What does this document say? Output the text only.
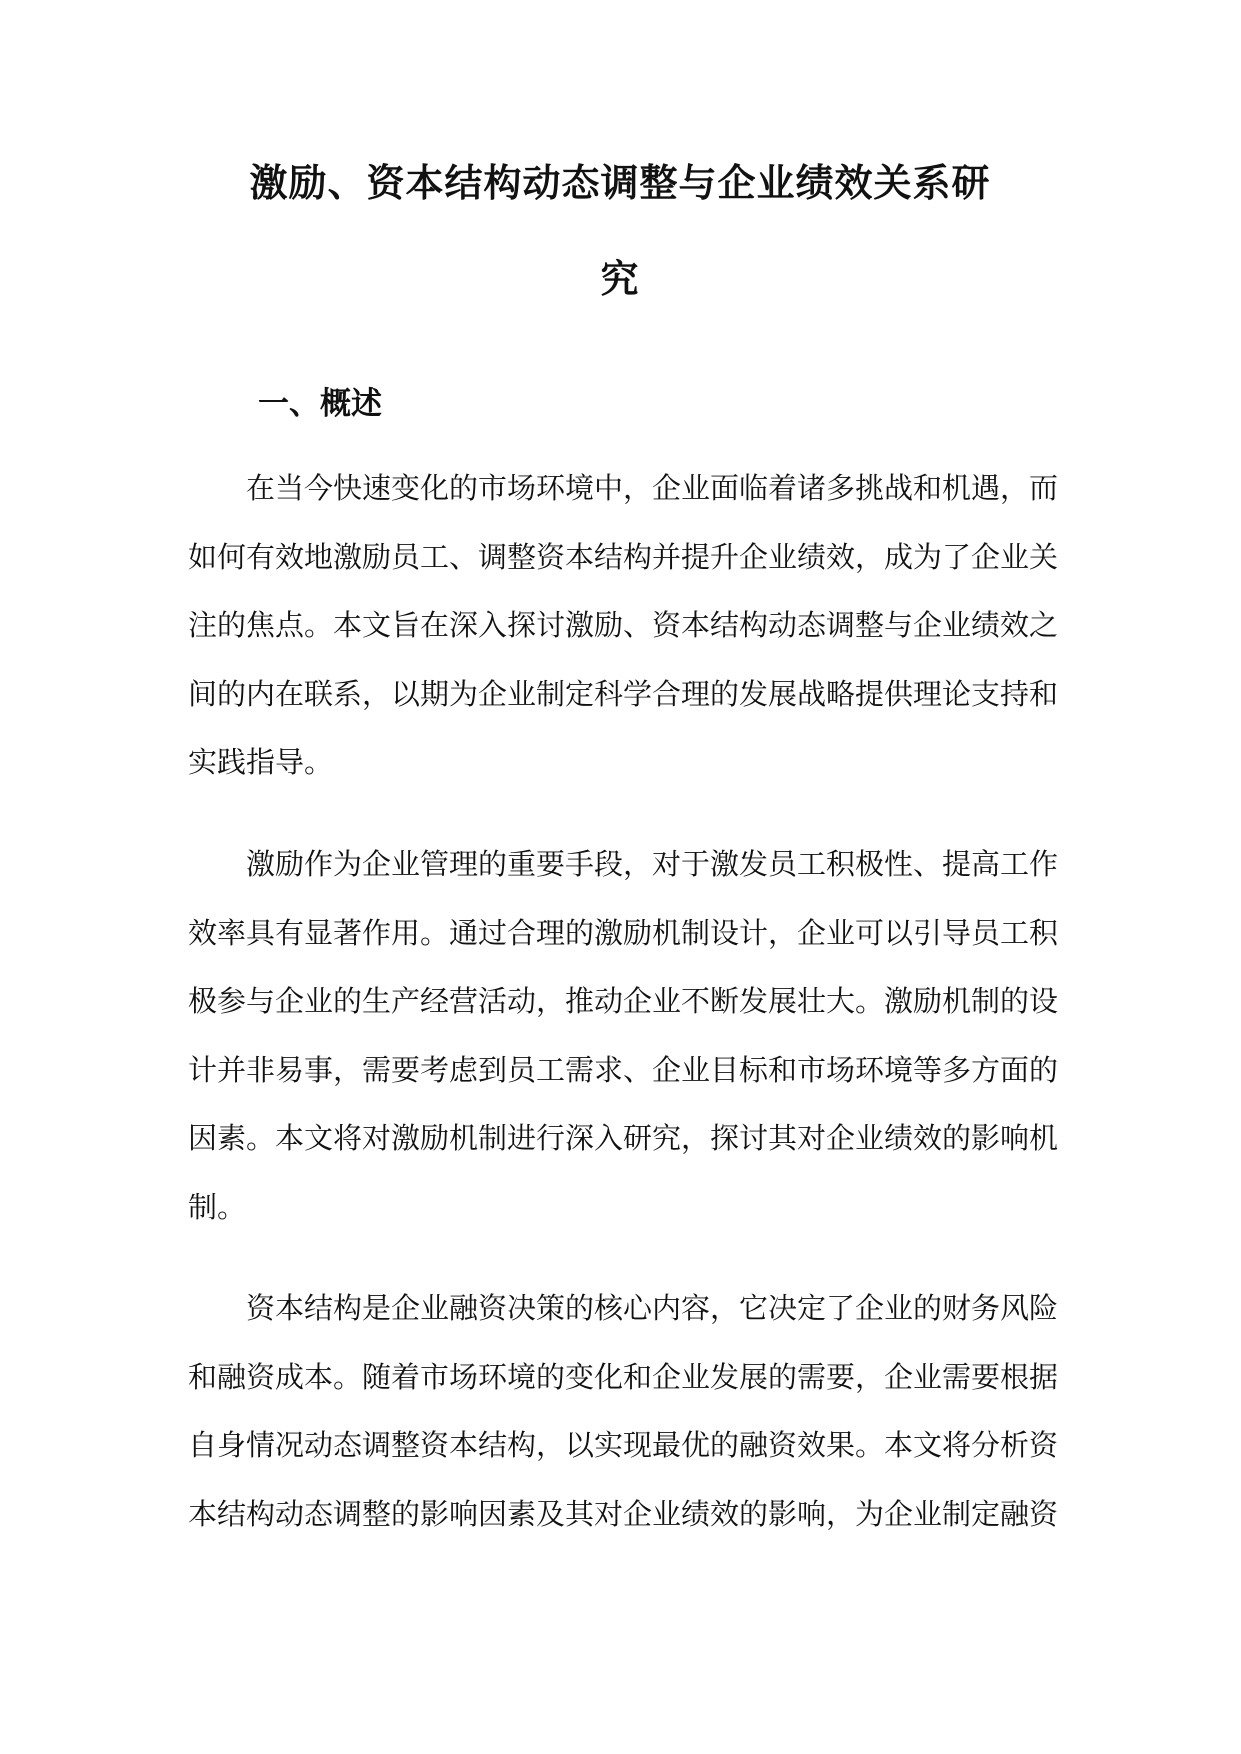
激励、资本结构动态调整与企业绩效关系研
究
一、概述

在当今快速变化的市场环境中，企业面临着诸多挑战和机遇，而如何有效地激励员工、调整资本结构并提升企业绩效，成为了企业关注的焦点。本文旨在深入探讨激励、资本结构动态调整与企业绩效之间的内在联系，以期为企业制定科学合理的发展战略提供理论支持和实践指导。

激励作为企业管理的重要手段，对于激发员工积极性、提高工作效率具有显著作用。通过合理的激励机制设计，企业可以引导员工积极参与企业的生产经营活动，推动企业不断发展壮大。激励机制的设计并非易事，需要考虑到员工需求、企业目标和市场环境等多方面的因素。本文将对激励机制进行深入研究，探讨其对企业绩效的影响机制。

资本结构是企业融资决策的核心内容，它决定了企业的财务风险和融资成本。随着市场环境的变化和企业发展的需要，企业需要根据自身情况动态调整资本结构，以实现最优的融资效果。本文将分析资本结构动态调整的影响因素及其对企业绩效的影响，为企业制定融资
